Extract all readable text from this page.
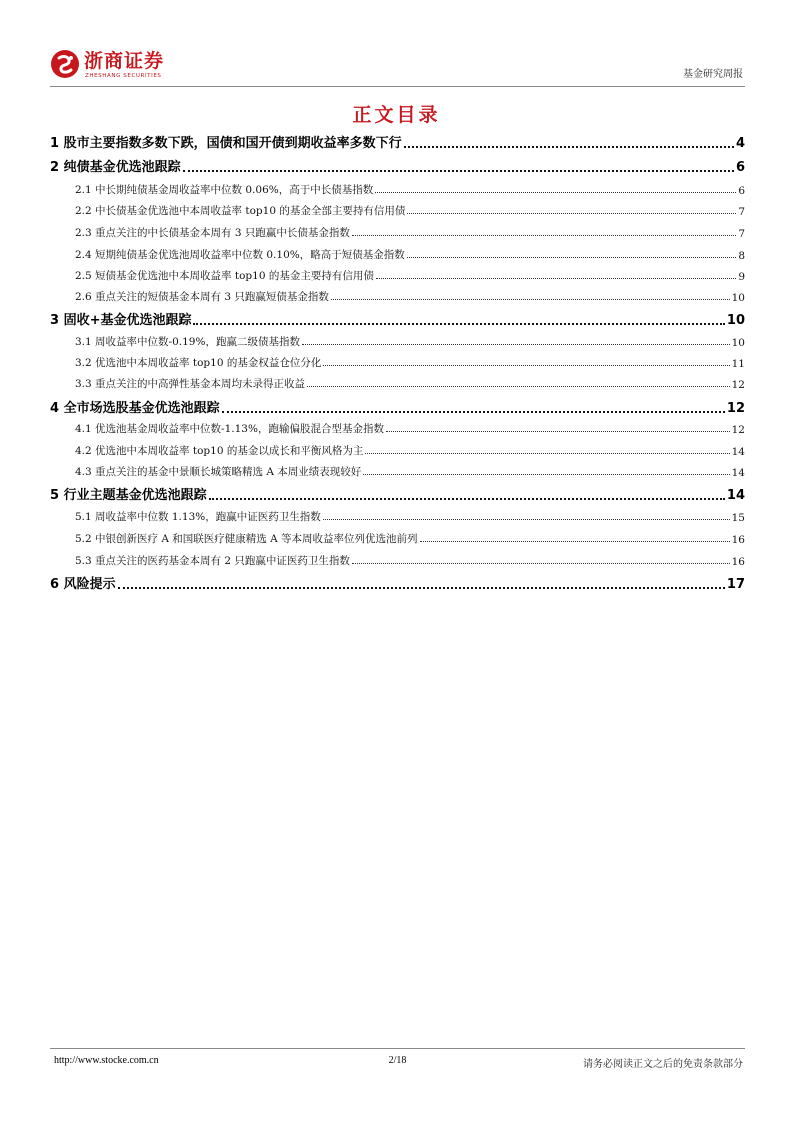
浙商证券
ZHESHANG SECURITIES	基金研究周报
正文目录
1 股市主要指数多数下跌，国债和国开债到期收益率多数下行	4
2 纯债基金优选池跟踪	6
2.1 中长期纯债基金周收益率中位数 0.06%，高于中长债基指数	6
2.2 中长债基金优选池中本周收益率 top10 的基金全部主要持有信用债	7
2.3 重点关注的中长债基金本周有 3 只跑赢中长债基金指数	7
2.4 短期纯债基金优选池周收益率中位数 0.10%，略高于短债基金指数	8
2.5 短债基金优选池中本周收益率 top10 的基金主要持有信用债	9
2.6 重点关注的短债基金本周有 3 只跑赢短债基金指数	10
3 固收+基金优选池跟踪	10
3.1 周收益率中位数-0.19%，跑赢二级债基指数	10
3.2 优选池中本周收益率 top10 的基金权益仓位分化	11
3.3 重点关注的中高弹性基金本周均未录得正收益	12
4 全市场选股基金优选池跟踪	12
4.1 优选池基金周收益率中位数-1.13%，跑输偏股混合型基金指数	12
4.2 优选池中本周收益率 top10 的基金以成长和平衡风格为主	14
4.3 重点关注的基金中景顺长城策略精选 A 本周业绩表现较好	14
5 行业主题基金优选池跟踪	14
5.1 周收益率中位数 1.13%，跑赢中证医药卫生指数	15
5.2 中银创新医疗 A 和国联医疗健康精选 A 等本周收益率位列优选池前列	16
5.3 重点关注的医药基金本周有 2 只跑赢中证医药卫生指数	16
6 风险提示	17
http://www.stocke.com.cn	2/18	请务必阅读正文之后的免责条款部分
